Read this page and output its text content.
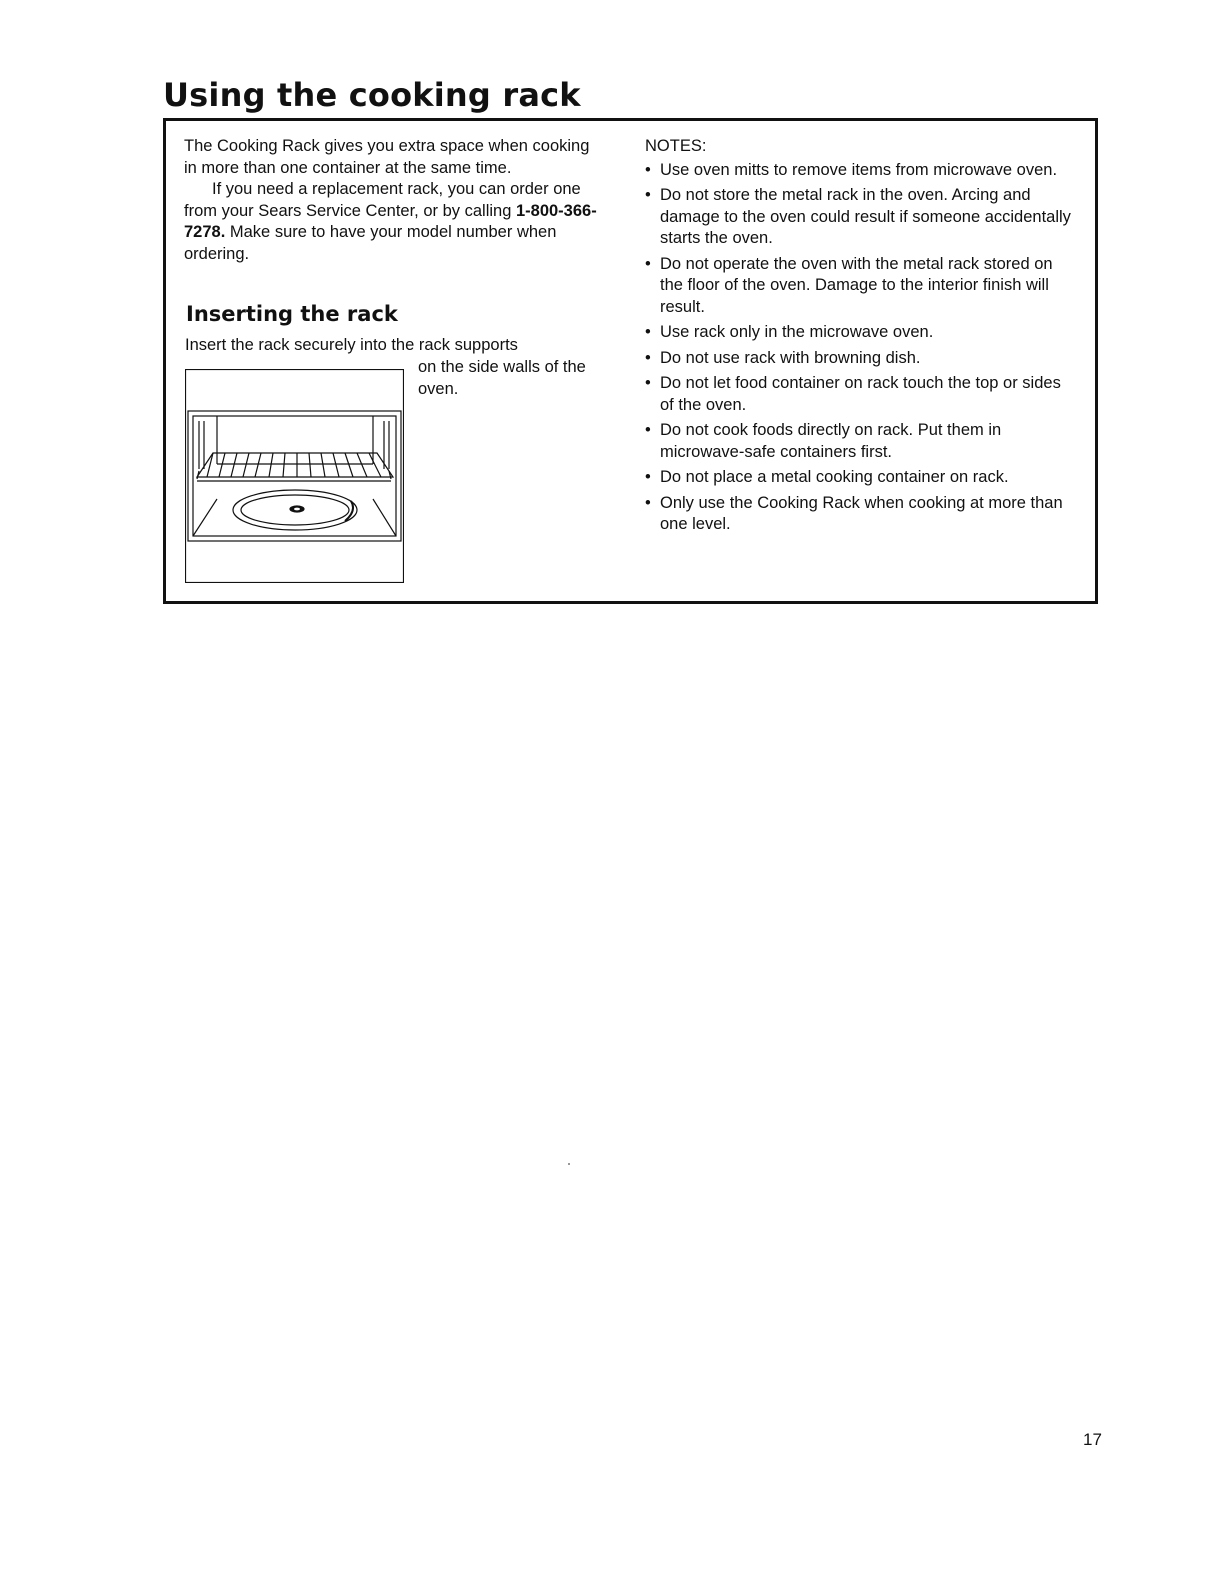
Using the cooking rack

The Cooking Rack gives you extra space when cooking in more than one container at the same time.

If you need a replacement rack, you can order one from your Sears Service Center, or by calling 1-800-366-7278. Make sure to have your model number when ordering.

Inserting the rack
Insert the rack securely into the rack supports
on the side walls of the oven.

NOTES:

• Use oven mitts to remove items from microwave oven.
• Do not store the metal rack in the oven. Arcing and damage to the oven could result if someone accidentally starts the oven.
• Do not operate the oven with the metal rack stored on the floor of the oven. Damage to the interior finish will result.
• Use rack only in the microwave oven.
• Do not use rack with browning dish.
• Do not let food container on rack touch the top or sides of the oven.
• Do not cook foods directly on rack. Put them in microwave-safe containers first.
• Do not place a metal cooking container on rack.
• Only use the Cooking Rack when cooking at more than one level.
17
